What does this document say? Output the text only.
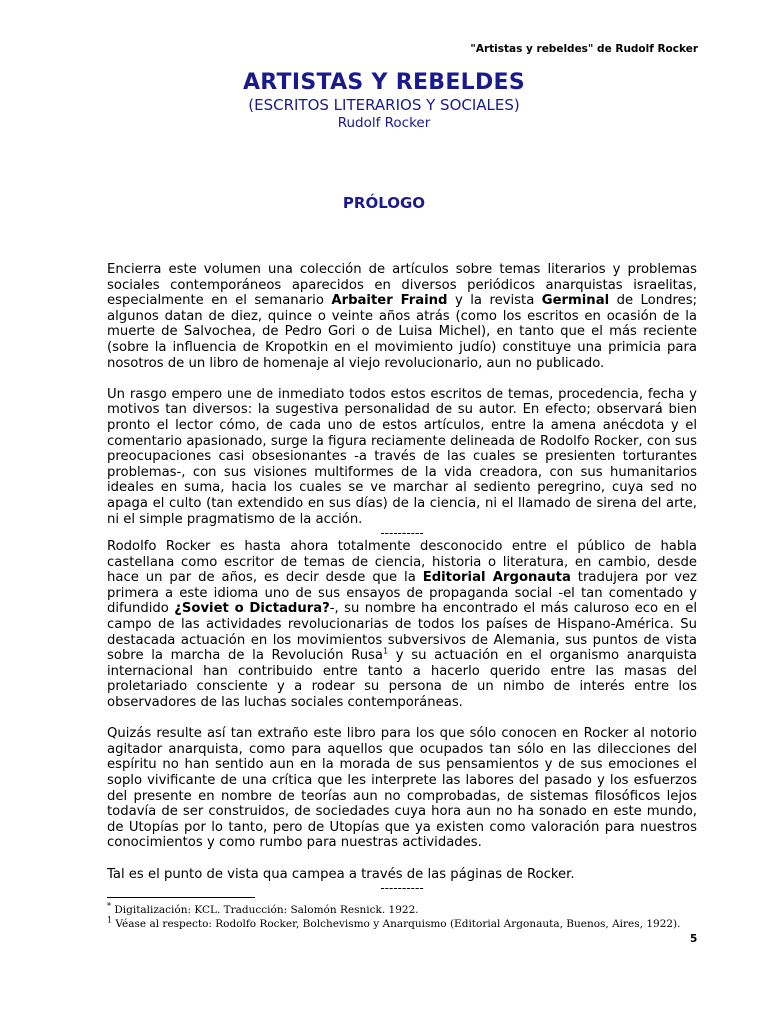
"Artistas y rebeldes" de Rudolf Rocker
ARTISTAS Y REBELDES
(ESCRITOS LITERARIOS Y SOCIALES)
Rudolf Rocker
PRÓLOGO

Encierra este volumen una colección de artículos sobre temas literarios y problemas sociales contemporáneos aparecidos en diversos periódicos anarquistas israelitas, especialmente en el semanario Arbaiter Fraind y la revista Germinal de Londres; algunos datan de diez, quince o veinte años atrás (como los escritos en ocasión de la muerte de Salvochea, de Pedro Gori o de Luisa Michel), en tanto que el más reciente (sobre la influencia de Kropotkin en el movimiento judío) constituye una primicia para nosotros de un libro de homenaje al viejo revolucionario, aun no publicado.

Un rasgo empero une de inmediato todos estos escritos de temas, procedencia, fecha y motivos tan diversos: la sugestiva personalidad de su autor. En efecto; observará bien pronto el lector cómo, de cada uno de estos artículos, entre la amena anécdota y el comentario apasionado, surge la figura reciamente delineada de Rodolfo Rocker, con sus preocupaciones casi obsesionantes -a través de las cuales se presienten torturantes problemas-, con sus visiones multiformes de la vida creadora, con sus humanitarios ideales en suma, hacia los cuales se ve marchar al sediento peregrino, cuya sed no apaga el culto (tan extendido en sus días) de la ciencia, ni el llamado de sirena del arte, ni el simple pragmatismo de la acción.

----------

Rodolfo Rocker es hasta ahora totalmente desconocido entre el público de habla castellana como escritor de temas de ciencia, historia o literatura, en cambio, desde hace un par de años, es decir desde que la Editorial Argonauta tradujera por vez primera a este idioma uno de sus ensayos de propaganda social -el tan comentado y difundido ¿Soviet o Dictadura?-, su nombre ha encontrado el más caluroso eco en el campo de las actividades revolucionarias de todos los países de Hispano-América. Su destacada actuación en los movimientos subversivos de Alemania, sus puntos de vista sobre la marcha de la Revolución Rusa$^1$ y su actuación en el organismo anarquista internacional han contribuido entre tanto a hacerlo querido entre las masas del proletariado consciente y a rodear su persona de un nimbo de interés entre los observadores de las luchas sociales contemporáneas.

Quizás resulte así tan extraño este libro para los que sólo conocen en Rocker al notorio agitador anarquista, como para aquellos que ocupados tan sólo en las dilecciones del espíritu no han sentido aun en la morada de sus pensamientos y de sus emociones el soplo vivificante de una crítica que les interprete las labores del pasado y los esfuerzos del presente en nombre de teorías aun no comprobadas, de sistemas filosóficos lejos todavía de ser construidos, de sociedades cuya hora aun no ha sonado en este mundo, de Utopías por lo tanto, pero de Utopías que ya existen como valoración para nuestros conocimientos y como rumbo para nuestras actividades.

Tal es el punto de vista qua campea a través de las páginas de Rocker.

----------
* Digitalización: KCL. Traducción: Salomón Resnick. 1922.
$^1$ Véase al respecto: Rodolfo Rocker, Bolchevismo y Anarquismo (Editorial Argonauta, Buenos, Aires, 1922).
5
